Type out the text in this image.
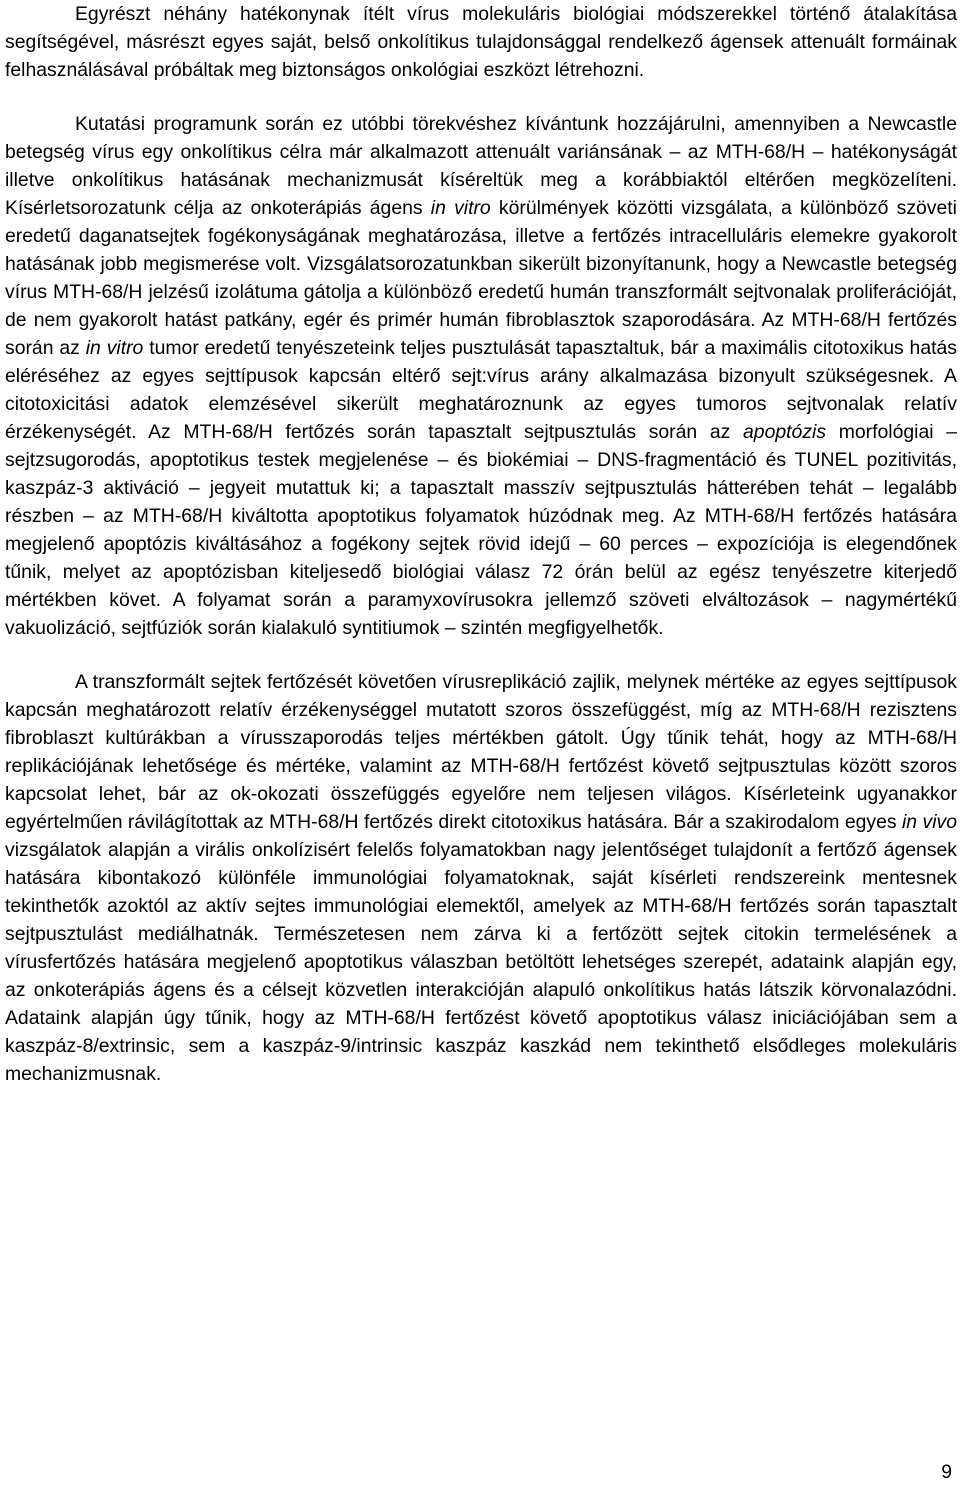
Egyrészt néhány hatékonynak ítélt vírus molekuláris biológiai módszerekkel történő átalakítása segítségével, másrészt egyes saját, belső onkolítikus tulajdonsággal rendelkező ágensek attenuált formáinak felhasználásával próbáltak meg biztonságos onkológiai eszközt létrehozni.

Kutatási programunk során ez utóbbi törekvéshez kívántunk hozzájárulni, amennyiben a Newcastle betegség vírus egy onkolítikus célra már alkalmazott attenuált variánsának – az MTH-68/H – hatékonyságát illetve onkolítikus hatásának mechanizmusát kíséreltük meg a korábbiaktól eltérően megközelíteni. Kísérletsorozatunk célja az onkoterápiás ágens in vitro körülmények közötti vizsgálata, a különböző szöveti eredetű daganatsejtek fogékonyságának meghatározása, illetve a fertőzés intracelluláris elemekre gyakorolt hatásának jobb megismerése volt. Vizsgálatsorozatunkban sikerült bizonyítanunk, hogy a Newcastle betegség vírus MTH-68/H jelzésű izolátuma gátolja a különböző eredetű humán transzformált sejtvonalak proliferációját, de nem gyakorolt hatást patkány, egér és primér humán fibroblasztok szaporodására. Az MTH-68/H fertőzés során az in vitro tumor eredetű tenyészeteink teljes pusztulását tapasztaltuk, bár a maximális citotoxikus hatás eléréséhez az egyes sejttípusok kapcsán eltérő sejt:vírus arány alkalmazása bizonyult szükségesnek. A citotoxicitási adatok elemzésével sikerült meghatároznunk az egyes tumoros sejtvonalak relatív érzékenységét. Az MTH-68/H fertőzés során tapasztalt sejtpusztulás során az apoptózis morfológiai – sejtzsugorodás, apoptotikus testek megjelenése – és biokémiai – DNS-fragmentáció és TUNEL pozitivitás, kaszpáz-3 aktiváció – jegyeit mutattuk ki; a tapasztalt masszív sejtpusztulás hátterében tehát – legalább részben – az MTH-68/H kiváltotta apoptotikus folyamatok húzódnak meg. Az MTH-68/H fertőzés hatására megjelenő apoptózis kiváltásához a fogékony sejtek rövid idejű – 60 perces – expozíciója is elegendőnek tűnik, melyet az apoptózisban kiteljesedő biológiai válasz 72 órán belül az egész tenyészetre kiterjedő mértékben követ. A folyamat során a paramyxovírusokra jellemző szöveti elváltozások – nagymértékű vakuolizáció, sejtfúziók során kialakuló syntitiumok – szintén megfigyelhetők.

A transzformált sejtek fertőzését követően vírusreplikáció zajlik, melynek mértéke az egyes sejttípusok kapcsán meghatározott relatív érzékenységgel mutatott szoros összefüggést, míg az MTH-68/H rezisztens fibroblaszt kultúrákban a vírusszaporodás teljes mértékben gátolt. Úgy tűnik tehát, hogy az MTH-68/H replikációjának lehetősége és mértéke, valamint az MTH-68/H fertőzést követő sejtpusztulas között szoros kapcsolat lehet, bár az ok-okozati összefüggés egyelőre nem teljesen világos. Kísérleteink ugyanakkor egyértelműen rávilágítottak az MTH-68/H fertőzés direkt citotoxikus hatására. Bár a szakirodalom egyes in vivo vizsgálatok alapján a virális onkolízisért felelős folyamatokban nagy jelentőséget tulajdonít a fertőző ágensek hatására kibontakozó különféle immunológiai folyamatoknak, saját kísérleti rendszereink mentesnek tekinthetők azoktól az aktív sejtes immunológiai elemektől, amelyek az MTH-68/H fertőzés során tapasztalt sejtpusztulást mediálhatnák. Természetesen nem zárva ki a fertőzött sejtek citokin termelésének a vírusfertőzés hatására megjelenő apoptotikus válaszban betöltött lehetséges szerepét, adataink alapján egy, az onkoterápiás ágens és a célsejt közvetlen interakcióján alapuló onkolítikus hatás látszik körvonalazódni. Adataink alapján úgy tűnik, hogy az MTH-68/H fertőzést követő apoptotikus válasz iniciációjában sem a kaszpáz-8/extrinsic, sem a kaszpáz-9/intrinsic kaszpáz kaszkád nem tekinthető elsődleges molekuláris mechanizmusnak.

9
